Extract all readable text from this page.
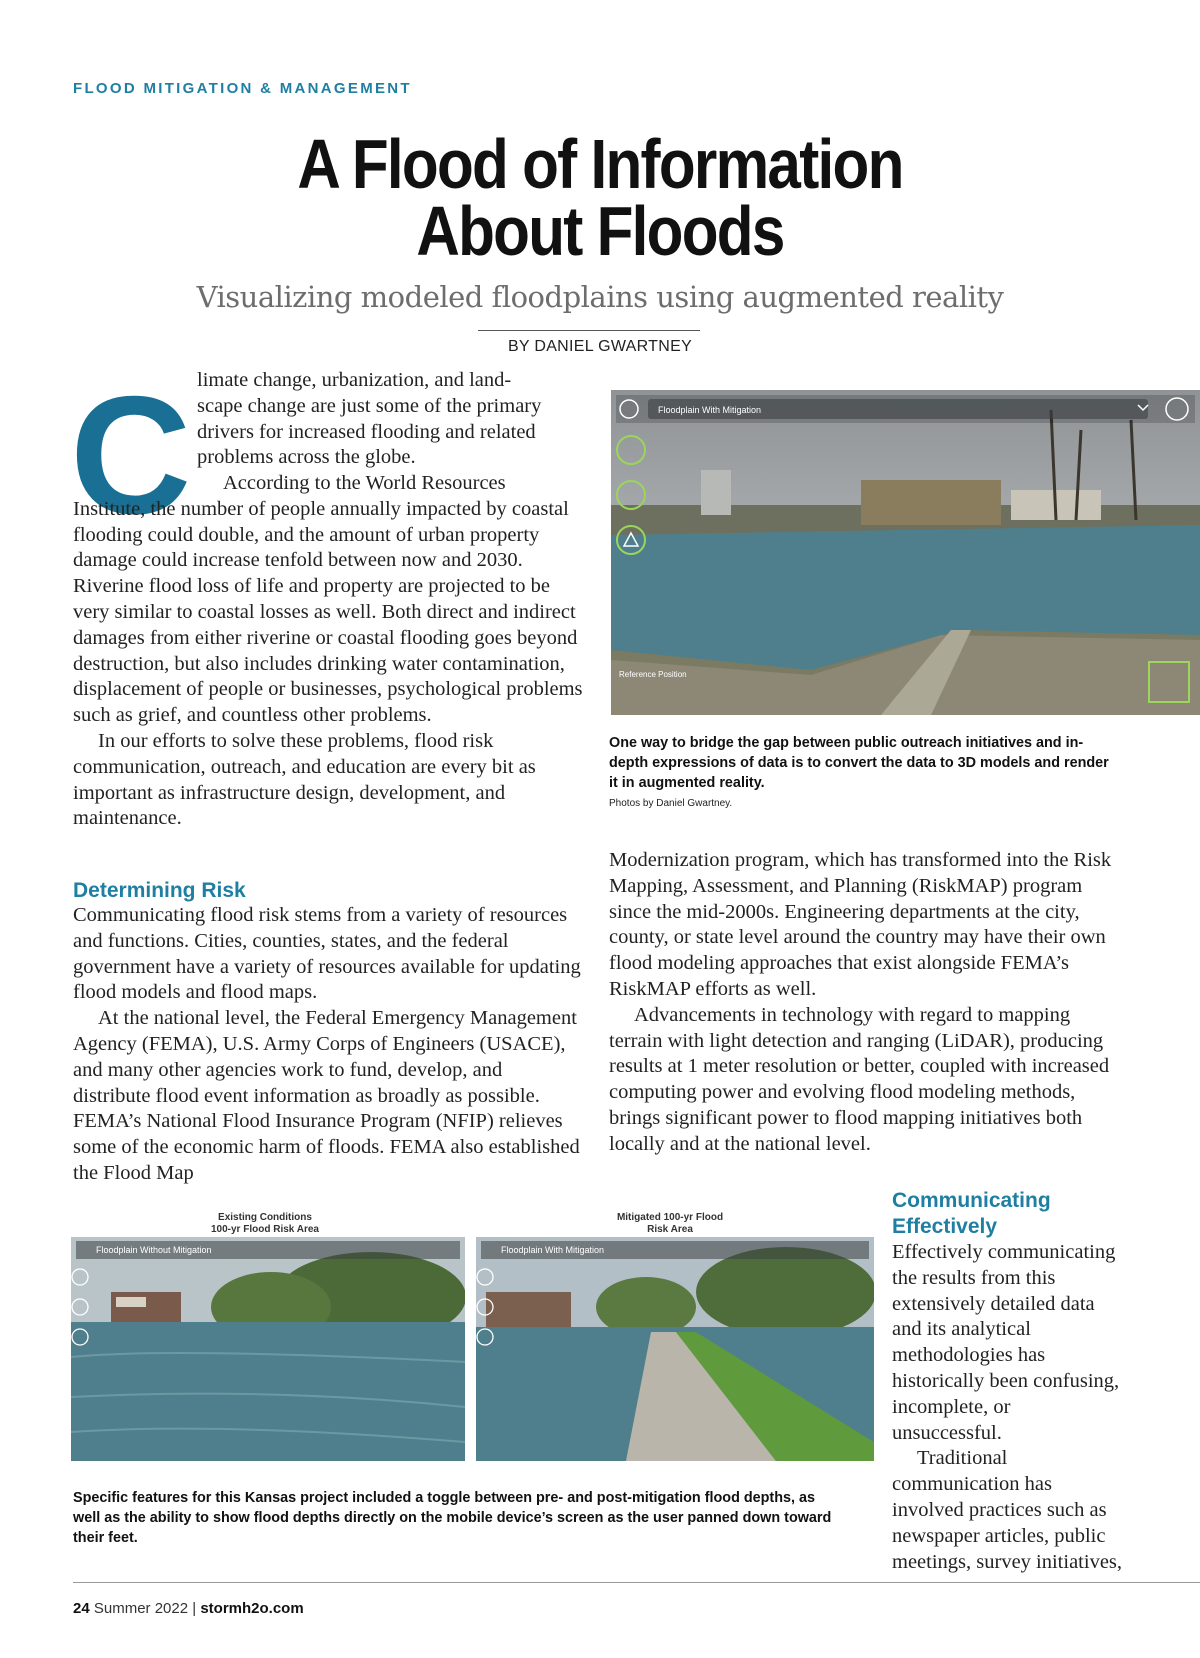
FLOOD MITIGATION & MANAGEMENT
A Flood of Information
About Floods
Visualizing modeled floodplains using augmented reality
BY DANIEL GWARTNEY
C limate change, urbanization, and land-
scape change are just some of the primary
drivers for increased flooding and related
problems across the globe.

According to the World Resources Institute, the number of people annually impacted by coastal flooding could double, and the amount of urban property damage could increase tenfold between now and 2030. Riverine flood loss of life and property are projected to be very similar to coastal losses as well. Both direct and indirect damages from either riverine or coastal flooding goes beyond destruction, but also includes drinking water contamination, displacement of people or businesses, psychological problems such as grief, and countless other problems.

In our efforts to solve these problems, flood risk communication, outreach, and education are every bit as important as infrastructure design, development, and maintenance.

Determining Risk

Communicating flood risk stems from a variety of resources and functions. Cities, counties, states, and the federal government have a variety of resources available for updating flood models and flood maps.

At the national level, the Federal Emergency Management Agency (FEMA), U.S. Army Corps of Engineers (USACE), and many other agencies work to fund, develop, and distribute flood event information as broadly as possible. FEMA’s National Flood Insurance Program (NFIP) relieves some of the economic harm of floods. FEMA also established the Flood Map

Floodplain With Mitigation
Reference Position
One way to bridge the gap between public outreach initiatives and in-depth expressions of data is to convert the data to 3D models and render it in augmented reality.
Photos by Daniel Gwartney.

Modernization program, which has transformed into the Risk Mapping, Assessment, and Planning (RiskMAP) program since the mid-2000s. Engineering departments at the city, county, or state level around the country may have their own flood modeling approaches that exist alongside FEMA’s RiskMAP efforts as well.

Advancements in technology with regard to mapping terrain with light detection and ranging (LiDAR), producing results at 1 meter resolution or better, coupled with increased computing power and evolving flood modeling methods, brings significant power to flood mapping initiatives both locally and at the national level.

Communicating
Effectively

Effectively communicating the results from this extensively detailed data and its analytical methodologies has historically been confusing, incomplete, or unsuccessful.

Traditional communication has involved practices such as newspaper articles, public meetings, survey initiatives,

Existing Conditions
100-yr Flood Risk Area
Mitigated 100-yr Flood
Risk Area
Floodplain Without Mitigation	Floodplain With Mitigation
Specific features for this Kansas project included a toggle between pre- and post-mitigation flood depths, as well as the ability to show flood depths directly on the mobile device’s screen as the user panned down toward their feet.
24 Summer 2022 | stormh2o.com
